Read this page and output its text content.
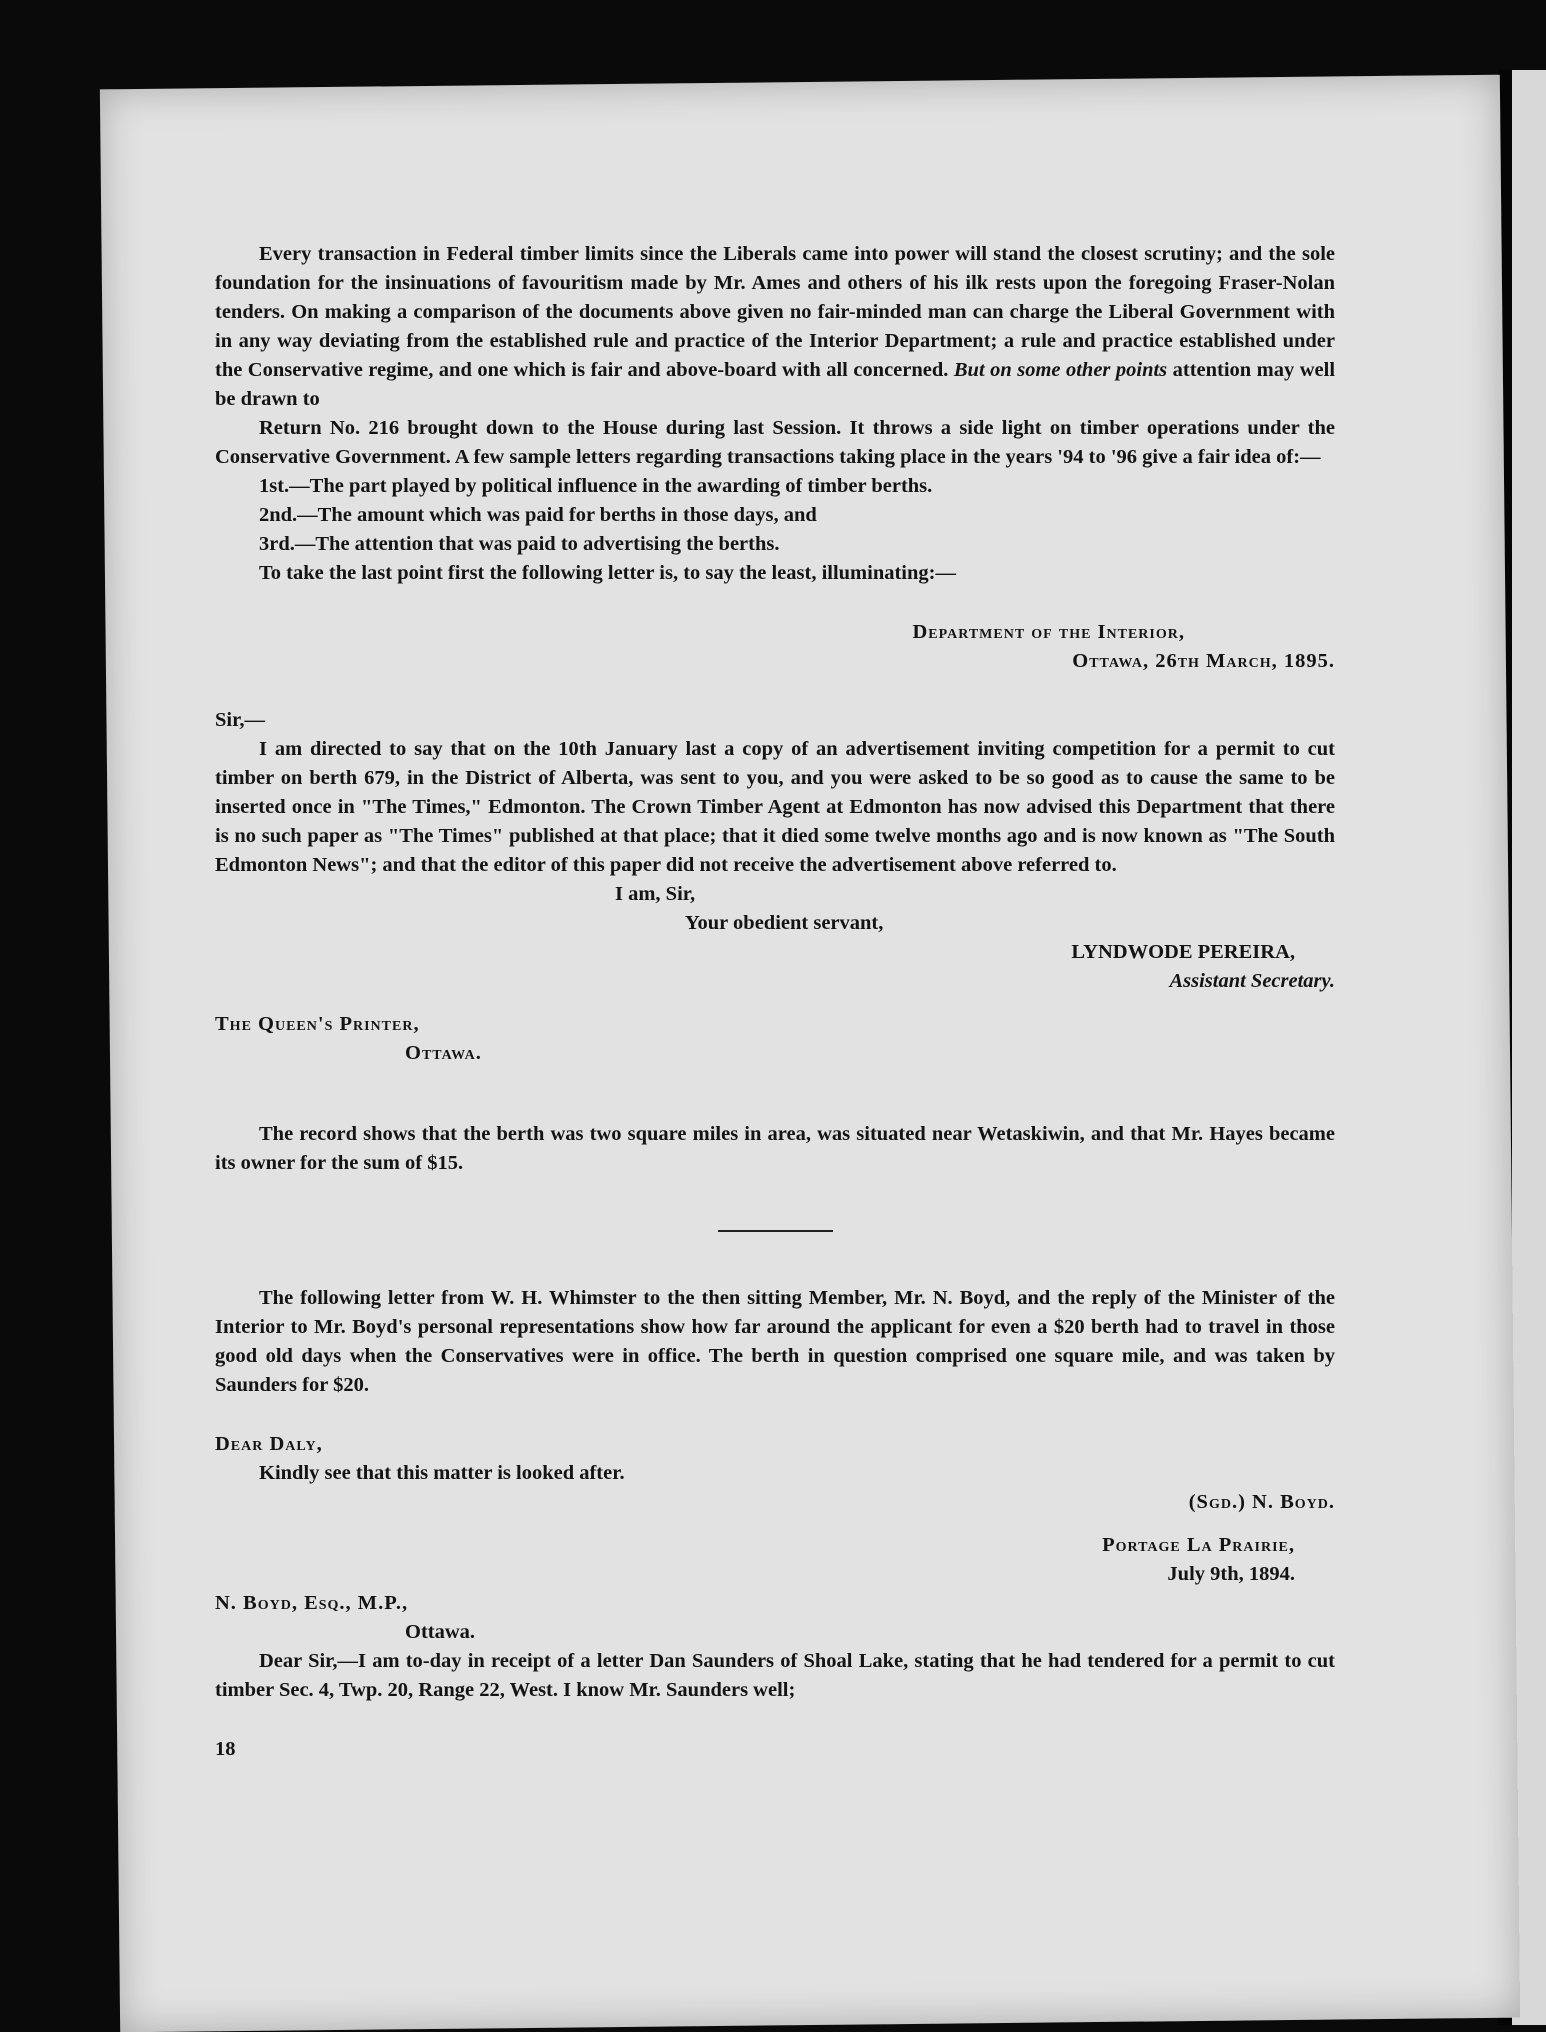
Every transaction in Federal timber limits since the Liberals came into power will stand the closest scrutiny; and the sole foundation for the insinuations of favouritism made by Mr. Ames and others of his ilk rests upon the foregoing Fraser-Nolan tenders. On making a comparison of the documents above given no fair-minded man can charge the Liberal Government with in any way deviating from the established rule and practice of the Interior Department; a rule and practice established under the Conservative regime, and one which is fair and above-board with all concerned. But on some other points attention may well be drawn to

Return No. 216 brought down to the House during last Session. It throws a side light on timber operations under the Conservative Government. A few sample letters regarding transactions taking place in the years '94 to '96 give a fair idea of:—

1st.—The part played by political influence in the awarding of timber berths.
2nd.—The amount which was paid for berths in those days, and
3rd.—The attention that was paid to advertising the berths.

To take the last point first the following letter is, to say the least, illuminating:—

Department of the Interior,

Ottawa, 26th March, 1895.

Sir,—

I am directed to say that on the 10th January last a copy of an advertisement inviting competition for a permit to cut timber on berth 679, in the District of Alberta, was sent to you, and you were asked to be so good as to cause the same to be inserted once in "The Times," Edmonton. The Crown Timber Agent at Edmonton has now advised this Department that there is no such paper as "The Times" published at that place; that it died some twelve months ago and is now known as "The South Edmonton News"; and that the editor of this paper did not receive the advertisement above referred to.

I am, Sir,

Your obedient servant,

LYNDWODE PEREIRA,

Assistant Secretary.

The Queen's Printer,

Ottawa.

The record shows that the berth was two square miles in area, was situated near Wetaskiwin, and that Mr. Hayes became its owner for the sum of $15.

The following letter from W. H. Whimster to the then sitting Member, Mr. N. Boyd, and the reply of the Minister of the Interior to Mr. Boyd's personal representations show how far around the applicant for even a $20 berth had to travel in those good old days when the Conservatives were in office. The berth in question comprised one square mile, and was taken by Saunders for $20.

Dear Daly,

Kindly see that this matter is looked after.

(Sgd.) N. Boyd.

Portage La Prairie,

July 9th, 1894.

N. Boyd, Esq., M.P.,

Ottawa.

Dear Sir,—I am to-day in receipt of a letter Dan Saunders of Shoal Lake, stating that he had tendered for a permit to cut timber Sec. 4, Twp. 20, Range 22, West. I know Mr. Saunders well;

18
